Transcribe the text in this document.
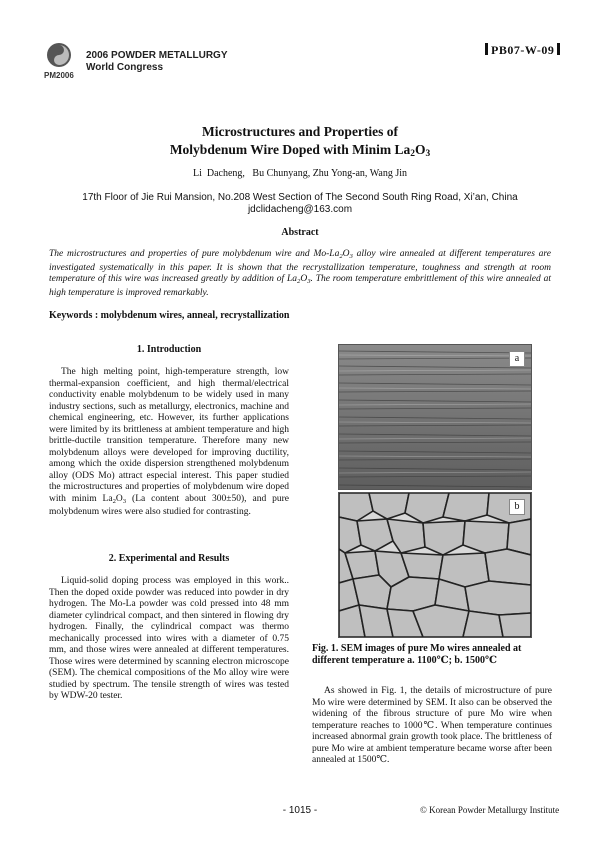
PM2006
2006 POWDER METALLURGY
World Congress
PB07-W-09
Microstructures and Properties of
Molybdenum Wire Doped with Minim $La_2O_3$
Li  Dacheng,   Bu Chunyang, Zhu Yong-an, Wang Jin
17th Floor of Jie Rui Mansion, No.208 West Section of The Second South Ring Road, Xi’an, China
jdclidacheng@163.com
Abstract
The microstructures and properties of pure molybdenum wire and $Mo-La_2O_3$ alloy wire annealed at different temperatures are investigated systematically in this paper. It is shown that the recrystallization temperature, toughness and strength at room temperature of this wire was increased greatly by addition of $La_2O_3$. The room temperature embrittlement of this wire annealed at high temperature is improved remarkably.
Keywords : molybdenum wires, anneal, recrystallization
1. Introduction
The high melting point, high-temperature strength, low thermal-expansion coefficient, and high thermal/electrical conductivity enable molybdenum to be widely used in many industry sections, such as metallurgy, electronics, machine and chemical engineering, etc. However, its further applications were limited by its brittleness at ambient temperature and high brittle-ductile transition temperature. Therefore many new molybdenum alloys were developed for improving ductility, among which the oxide dispersion strengthened molybdenum alloy (ODS Mo) attract especial interest. This paper studied the microstructures and properties of molybdenum wire doped with minim $La_2O_3$ (La content about 300±50), and pure molybdenum wires were also studied for contrasting.
2. Experimental and Results
Liquid-solid doping process was employed in this work.. Then the doped oxide powder was reduced into powder in dry hydrogen. The Mo-La powder was cold pressed into 48 mm diameter cylindrical compact, and then sintered in flowing dry hydrogen. Finally, the cylindrical compact was thermo mechanically processed into wires with a diameter of 0.75 mm, and those wires were annealed at different temperatures. Those wires were determined by scanning electron microscope (SEM). The chemical compositions of the Mo alloy wire were studied by spectrum. The tensile strength of wires was tested by WDW-20 tester.
a
b
Fig. 1. SEM images of pure Mo wires annealed at different temperature a. 1100℃; b. 1500℃
As showed in Fig. 1, the details of microstructure of pure Mo wire were determined by SEM. It also can be observed the widening of the fibrous structure of pure Mo wire when temperature reaches to 1000℃. When temperature continues increased abnormal grain growth took place. The brittleness of pure Mo wire at ambient temperature became worse after been annealed at 1500℃.
- 1015 -	© Korean Powder Metallurgy Institute
